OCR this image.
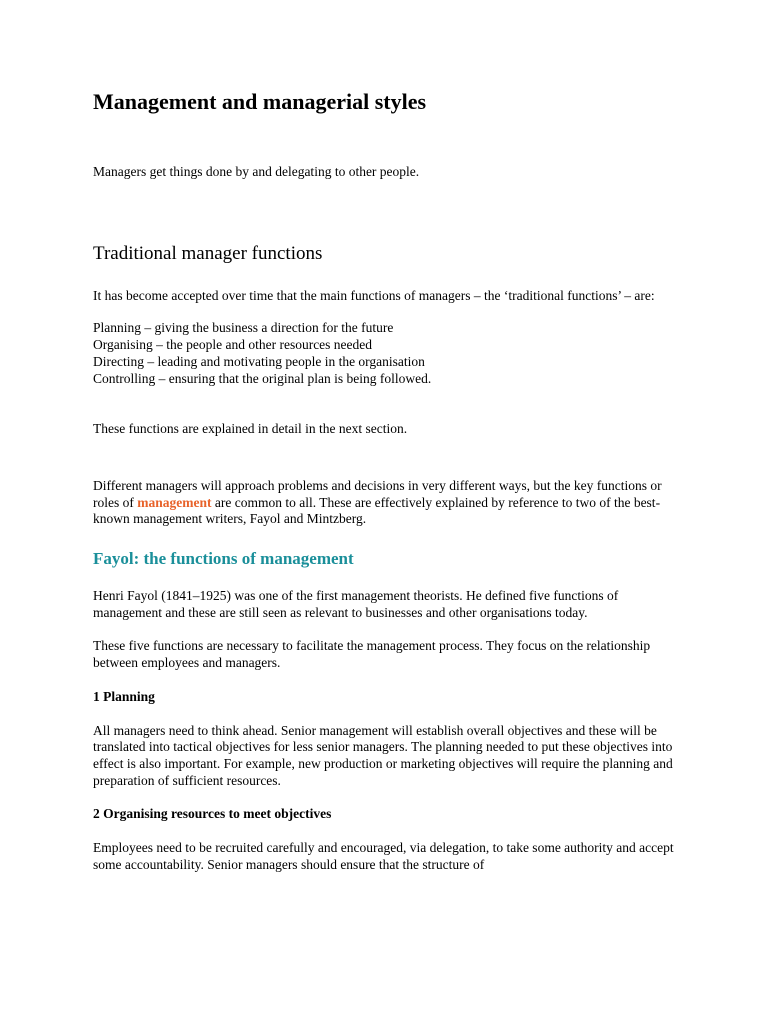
Management and managerial styles

Managers get things done by and delegating to other people.

Traditional manager functions

It has become accepted over time that the main functions of managers – the ‘traditional functions’ – are:

Planning – giving the business a direction for the future
Organising – the people and other resources needed
Directing – leading and motivating people in the organisation
Controlling – ensuring that the original plan is being followed.

These functions are explained in detail in the next section.

Different managers will approach problems and decisions in very different ways, but the key functions or roles of management are common to all. These are effectively explained by reference to two of the best-known management writers, Fayol and Mintzberg.

Fayol: the functions of management

Henri Fayol (1841–1925) was one of the first management theorists. He defined five functions of management and these are still seen as relevant to businesses and other organisations today.

These five functions are necessary to facilitate the management process. They focus on the relationship between employees and managers.

1 Planning

All managers need to think ahead. Senior management will establish overall objectives and these will be translated into tactical objectives for less senior managers. The planning needed to put these objectives into effect is also important. For example, new production or marketing objectives will require the planning and preparation of sufficient resources.

2 Organising resources to meet objectives

Employees need to be recruited carefully and encouraged, via delegation, to take some authority and accept some accountability. Senior managers should ensure that the structure of
